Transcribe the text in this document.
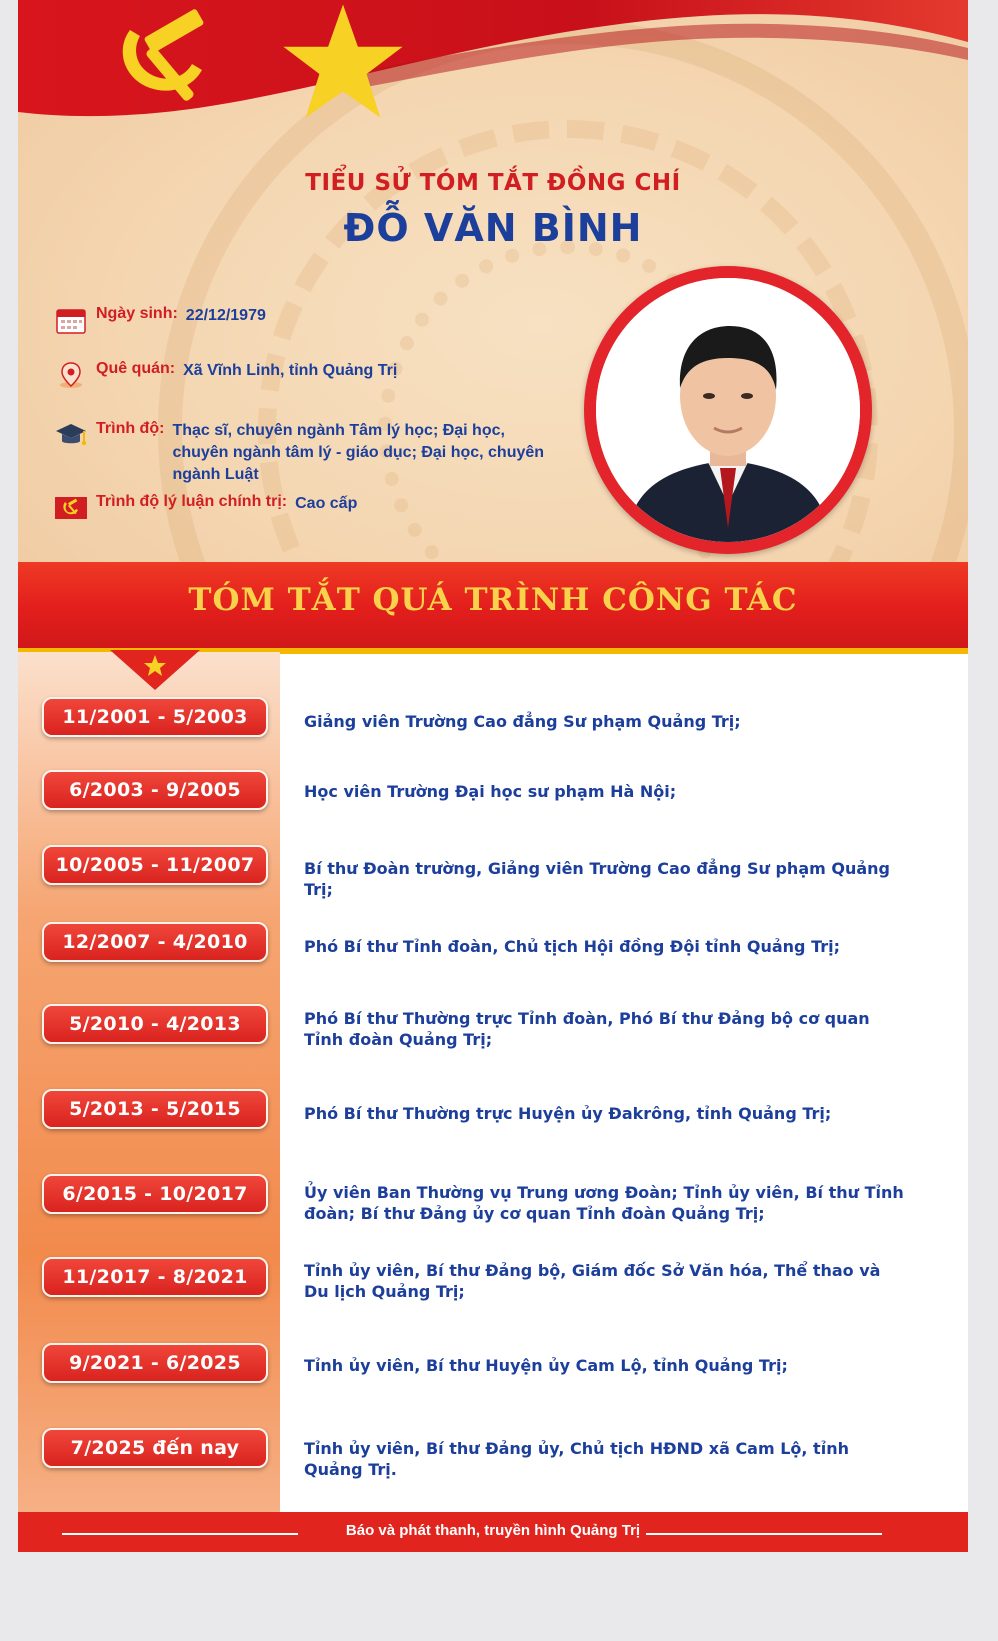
TIỂU SỬ TÓM TẮT ĐỒNG CHÍ
ĐỖ VĂN BÌNH
Ngày sinh: 22/12/1979
Quê quán: Xã Vĩnh Linh, tỉnh Quảng Trị
Trình độ: Thạc sĩ, chuyên ngành Tâm lý học; Đại học, chuyên ngành tâm lý - giáo dục; Đại học, chuyên ngành Luật
Trình độ lý luận chính trị: Cao cấp
TÓM TẮT QUÁ TRÌNH CÔNG TÁC
11/2001 - 5/2003	Giảng viên Trường Cao đẳng Sư phạm Quảng Trị;
6/2003 - 9/2005	Học viên Trường Đại học sư phạm Hà Nội;
10/2005 - 11/2007	Bí thư Đoàn trường, Giảng viên Trường Cao đẳng Sư phạm Quảng Trị;
12/2007 - 4/2010	Phó Bí thư Tỉnh đoàn, Chủ tịch Hội đồng Đội tỉnh Quảng Trị;
5/2010 - 4/2013	Phó Bí thư Thường trực Tỉnh đoàn, Phó Bí thư Đảng bộ cơ quan Tỉnh đoàn Quảng Trị;
5/2013 - 5/2015	Phó Bí thư Thường trực Huyện ủy Đakrông, tỉnh Quảng Trị;
6/2015 - 10/2017	Ủy viên Ban Thường vụ Trung ương Đoàn; Tỉnh ủy viên, Bí thư Tỉnh đoàn; Bí thư Đảng ủy cơ quan Tỉnh đoàn Quảng Trị;
11/2017 - 8/2021	Tỉnh ủy viên, Bí thư Đảng bộ, Giám đốc Sở Văn hóa, Thể thao và Du lịch Quảng Trị;
9/2021 - 6/2025	Tỉnh ủy viên, Bí thư Huyện ủy Cam Lộ, tỉnh Quảng Trị;
7/2025 đến nay	Tỉnh ủy viên, Bí thư Đảng ủy, Chủ tịch HĐND xã Cam Lộ, tỉnh Quảng Trị.
Báo và phát thanh, truyền hình Quảng Trị
